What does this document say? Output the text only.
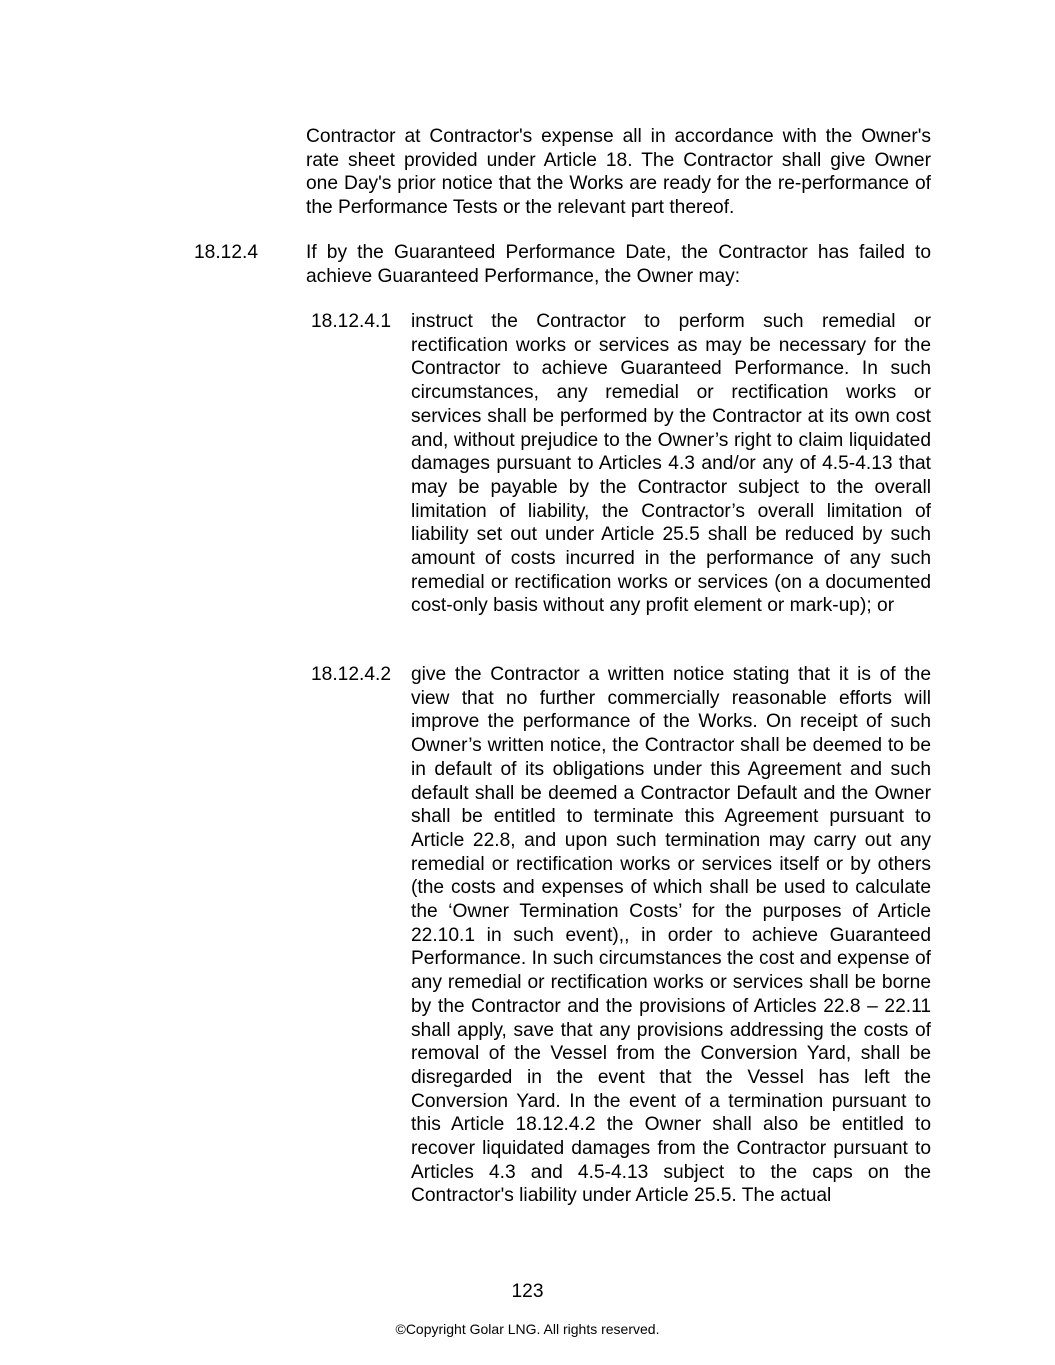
Contractor at Contractor's expense all in accordance with the Owner's rate sheet provided under Article 18. The Contractor shall give Owner one Day's prior notice that the Works are ready for the re-performance of the Performance Tests or the relevant part thereof.
18.12.4 If by the Guaranteed Performance Date, the Contractor has failed to achieve Guaranteed Performance, the Owner may:
18.12.4.1 instruct the Contractor to perform such remedial or rectification works or services as may be necessary for the Contractor to achieve Guaranteed Performance. In such circumstances, any remedial or rectification works or services shall be performed by the Contractor at its own cost and, without prejudice to the Owner’s right to claim liquidated damages pursuant to Articles 4.3 and/or any of 4.5-4.13 that may be payable by the Contractor subject to the overall limitation of liability, the Contractor’s overall limitation of liability set out under Article 25.5 shall be reduced by such amount of costs incurred in the performance of any such remedial or rectification works or services (on a documented cost-only basis without any profit element or mark-up); or
18.12.4.2 give the Contractor a written notice stating that it is of the view that no further commercially reasonable efforts will improve the performance of the Works. On receipt of such Owner’s written notice, the Contractor shall be deemed to be in default of its obligations under this Agreement and such default shall be deemed a Contractor Default and the Owner shall be entitled to terminate this Agreement pursuant to Article 22.8, and upon such termination may carry out any remedial or rectification works or services itself or by others (the costs and expenses of which shall be used to calculate the ‘Owner Termination Costs’ for the purposes of Article 22.10.1 in such event),, in order to achieve Guaranteed Performance. In such circumstances the cost and expense of any remedial or rectification works or services shall be borne by the Contractor and the provisions of Articles 22.8 – 22.11 shall apply, save that any provisions addressing the costs of removal of the Vessel from the Conversion Yard, shall be disregarded in the event that the Vessel has left the Conversion Yard. In the event of a termination pursuant to this Article 18.12.4.2 the Owner shall also be entitled to recover liquidated damages from the Contractor pursuant to Articles 4.3 and 4.5-4.13 subject to the caps on the Contractor's liability under Article 25.5. The actual
123
©Copyright Golar LNG. All rights reserved.
